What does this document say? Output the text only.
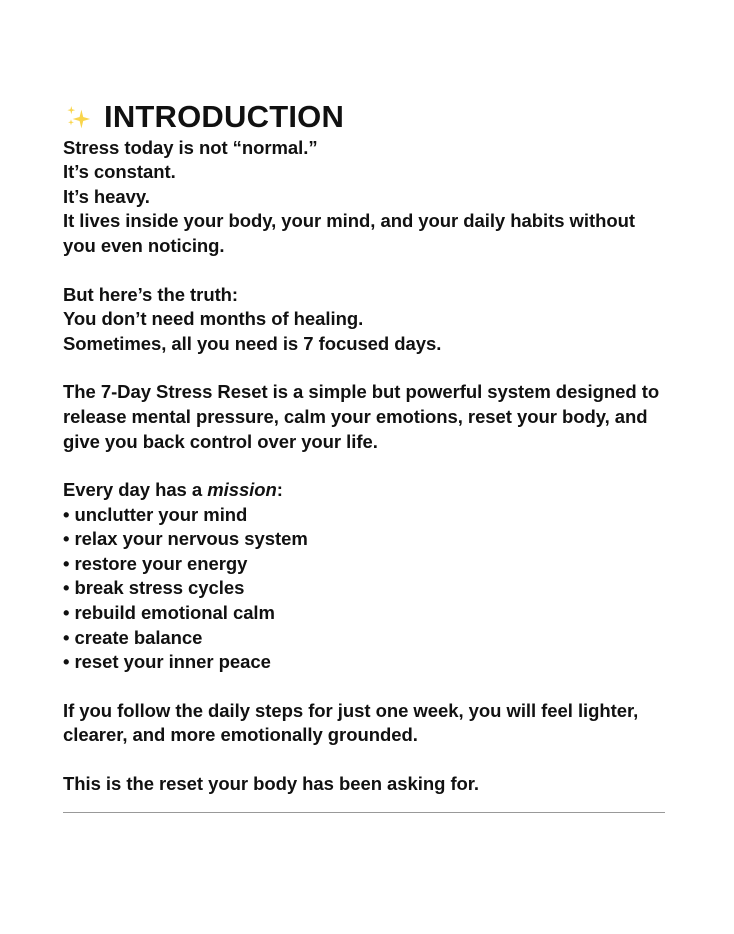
INTRODUCTION

Stress today is not “normal.”
It’s constant.
It’s heavy.
It lives inside your body, your mind, and your daily habits without you even noticing.

But here’s the truth:
You don’t need months of healing.
Sometimes, all you need is 7 focused days.

The 7-Day Stress Reset is a simple but powerful system designed to release mental pressure, calm your emotions, reset your body, and give you back control over your life.

Every day has a mission:
• unclutter your mind
• relax your nervous system
• restore your energy
• break stress cycles
• rebuild emotional calm
• create balance
• reset your inner peace

If you follow the daily steps for just one week, you will feel lighter, clearer, and more emotionally grounded.

This is the reset your body has been asking for.
